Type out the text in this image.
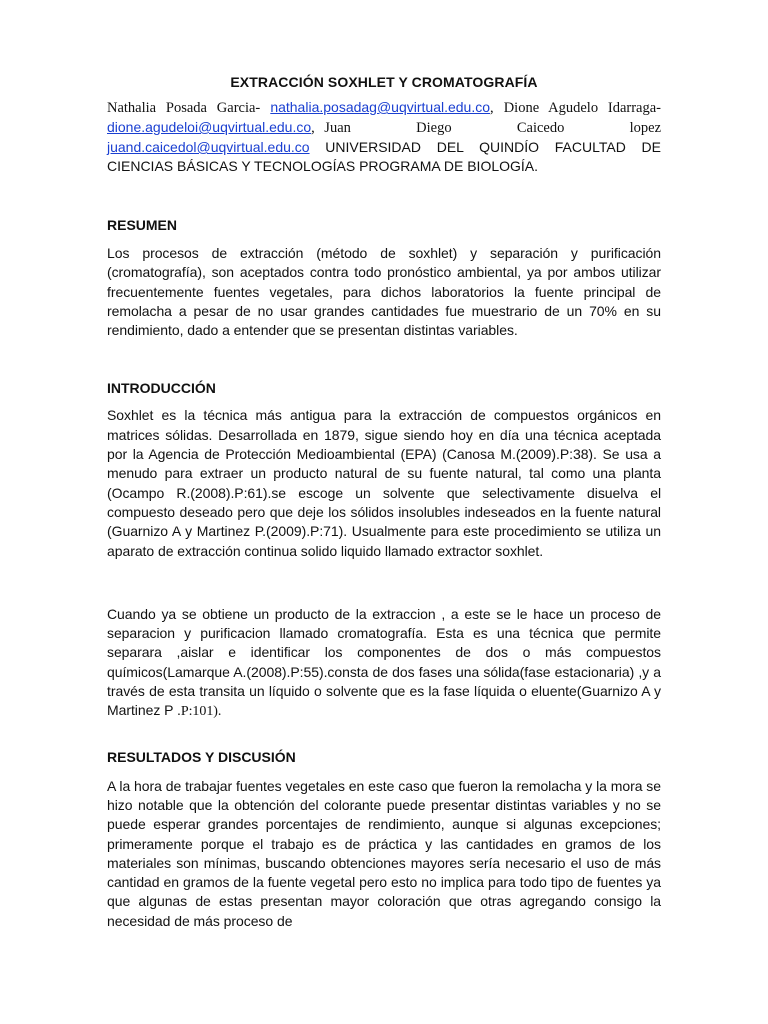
EXTRACCIÓN SOXHLET Y CROMATOGRAFÍA

Nathalia Posada Garcia- nathalia.posadag@uqvirtual.edu.co, Dione Agudelo Idarraga- dione.agudeloi@uqvirtual.edu.co, Juan Diego Caicedo lopez juand.caicedol@uqvirtual.edu.co UNIVERSIDAD DEL QUINDÍO FACULTAD DE CIENCIAS BÁSICAS Y TECNOLOGÍAS PROGRAMA DE BIOLOGÍA.

RESUMEN

Los procesos de extracción (método de soxhlet) y separación y purificación (cromatografía), son aceptados contra todo pronóstico ambiental, ya por ambos utilizar frecuentemente fuentes vegetales, para dichos laboratorios la fuente principal de remolacha a pesar de no usar grandes cantidades fue muestrario de un 70% en su rendimiento, dado a entender que se presentan distintas variables.

INTRODUCCIÓN

Soxhlet es la técnica más antigua para la extracción de compuestos orgánicos en matrices sólidas. Desarrollada en 1879, sigue siendo hoy en día una técnica aceptada por la Agencia de Protección Medioambiental (EPA) (Canosa M.(2009).P:38). Se usa a menudo para extraer un producto natural de su fuente natural, tal como una planta (Ocampo R.(2008).P:61).se escoge un solvente que selectivamente disuelva el compuesto deseado pero que deje los sólidos insolubles indeseados en la fuente natural (Guarnizo A y Martinez P.(2009).P:71). Usualmente para este procedimiento se utiliza un aparato de extracción continua solido liquido llamado extractor soxhlet.

Cuando ya se obtiene un producto de la extraccion , a este se le hace un proceso de separacion y purificacion llamado cromatografía. Esta es una técnica que permite separara ,aislar e identificar los componentes de dos o más compuestos químicos(Lamarque A.(2008).P:55).consta de dos fases una sólida(fase estacionaria) ,y a través de esta transita un líquido o solvente que es la fase líquida o eluente(Guarnizo A y Martinez P .P:101).

RESULTADOS Y DISCUSIÓN

A la hora de trabajar fuentes vegetales en este caso que fueron la remolacha y la mora se hizo notable que la obtención del colorante puede presentar distintas variables y no se puede esperar grandes porcentajes de rendimiento, aunque si algunas excepciones; primeramente porque el trabajo es de práctica y las cantidades en gramos de los materiales son mínimas, buscando obtenciones mayores sería necesario el uso de más cantidad en gramos de la fuente vegetal pero esto no implica para todo tipo de fuentes ya que algunas de estas presentan mayor coloración que otras agregando consigo la necesidad de más proceso de
